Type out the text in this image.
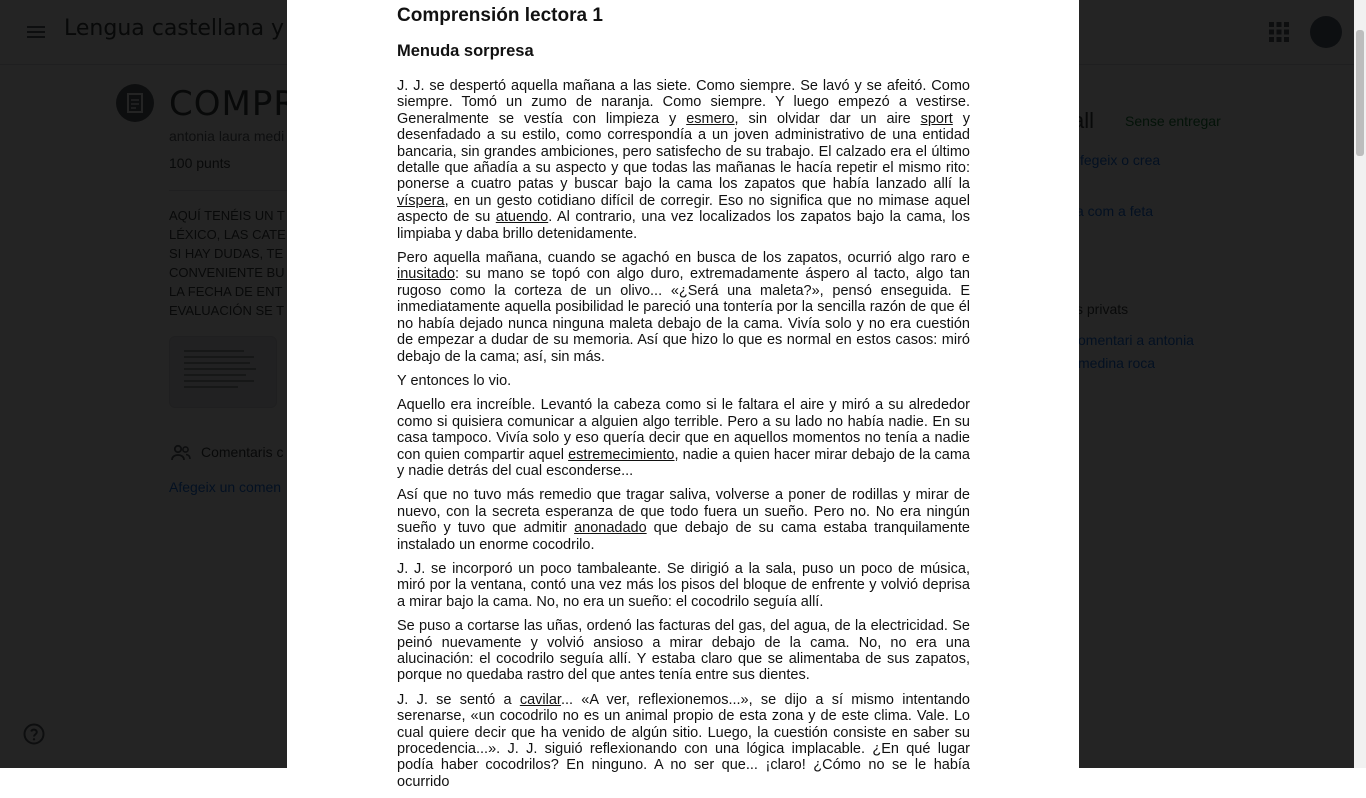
Comprensión lectora 1
Menuda sorpresa

J. J. se despertó aquella mañana a las siete. Como siempre. Se lavó y se afeitó. Como siempre. Tomó un zumo de naranja. Como siempre. Y luego empezó a vestirse. Generalmente se vestía con limpieza y esmero, sin olvidar dar un aire sport y desenfadado a su estilo, como correspondía a un joven administrativo de una entidad bancaria, sin grandes ambiciones, pero satisfecho de su trabajo. El calzado era el último detalle que añadía a su aspecto y que todas las mañanas le hacía repetir el mismo rito: ponerse a cuatro patas y buscar bajo la cama los zapatos que había lanzado allí la víspera, en un gesto cotidiano difícil de corregir. Eso no significa que no mimase aquel aspecto de su atuendo. Al contrario, una vez localizados los zapatos bajo la cama, los limpiaba y daba brillo detenidamente.

Pero aquella mañana, cuando se agachó en busca de los zapatos, ocurrió algo raro e inusitado: su mano se topó con algo duro, extremadamente áspero al tacto, algo tan rugoso como la corteza de un olivo... «¿Será una maleta?», pensó enseguida. E inmediatamente aquella posibilidad le pareció una tontería por la sencilla razón de que él no había dejado nunca ninguna maleta debajo de la cama. Vivía solo y no era cuestión de empezar a dudar de su memoria. Así que hizo lo que es normal en estos casos: miró debajo de la cama; así, sin más.

Y entonces lo vio.

Aquello era increíble. Levantó la cabeza como si le faltara el aire y miró a su alrededor como si quisiera comunicar a alguien algo terrible. Pero a su lado no había nadie. En su casa tampoco. Vivía solo y eso quería decir que en aquellos momentos no tenía a nadie con quien compartir aquel estremecimiento, nadie a quien hacer mirar debajo de la cama y nadie detrás del cual esconderse...

Así que no tuvo más remedio que tragar saliva, volverse a poner de rodillas y mirar de nuevo, con la secreta esperanza de que todo fuera un sueño. Pero no. No era ningún sueño y tuvo que admitir anonadado que debajo de su cama estaba tranquilamente instalado un enorme cocodrilo.

J. J. se incorporó un poco tambaleante. Se dirigió a la sala, puso un poco de música, miró por la ventana, contó una vez más los pisos del bloque de enfrente y volvió deprisa a mirar bajo la cama. No, no era un sueño: el cocodrilo seguía allí.

Se puso a cortarse las uñas, ordenó las facturas del gas, del agua, de la electricidad. Se peinó nuevamente y volvió ansioso a mirar debajo de la cama. No, no era una alucinación: el cocodrilo seguía allí. Y estaba claro que se alimentaba de sus zapatos, porque no quedaba rastro del que antes tenía entre sus dientes.

J. J. se sentó a cavilar... «A ver, reflexionemos...», se dijo a sí mismo intentando serenarse, «un cocodrilo no es un animal propio de esta zona y de este clima. Vale. Lo cual quiere decir que ha venido de algún sitio. Luego, la cuestión consiste en saber su procedencia...». J. J. siguió reflexionando con una lógica implacable. ¿En qué lugar podía haber cocodrilos? En ninguno. A no ser que... ¡claro! ¿Cómo no se le había ocurrido
